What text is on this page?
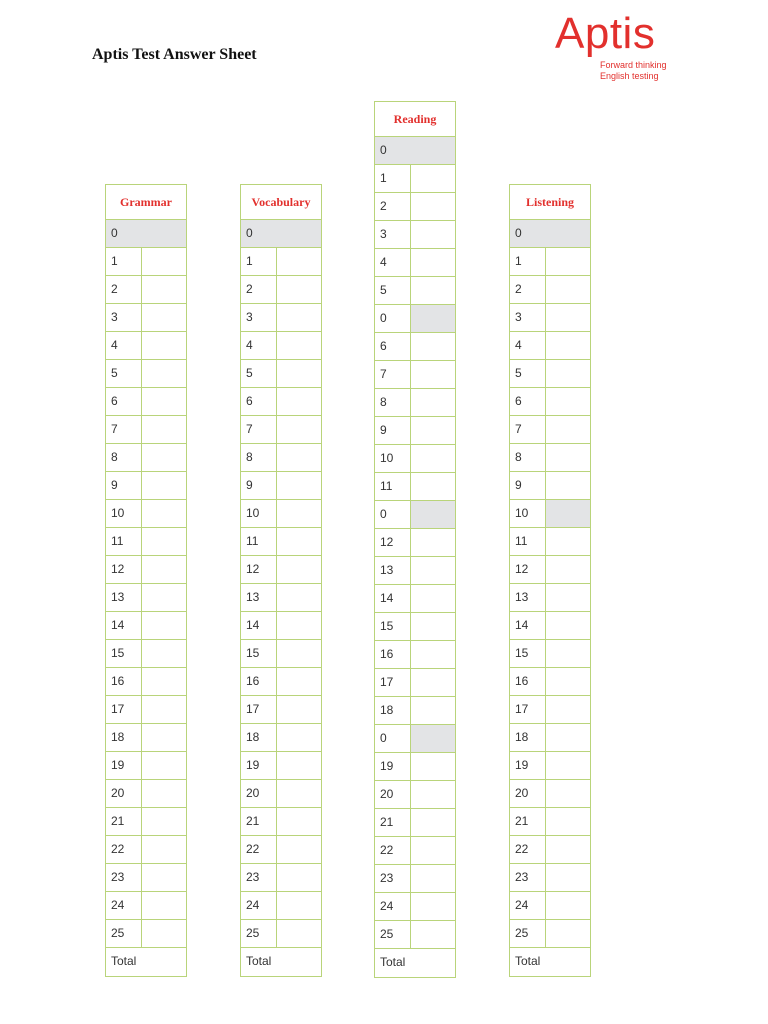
Aptis Test Answer Sheet	Aptis
Forward thinking
English testing
Grammar
0
1
2
3
4
5
6
7
8
9
10
11
12
13
14
15
16
17
18
19
20
21
22
23
24
25
Total
Vocabulary
0
1
2
3
4
5
6
7
8
9
10
11
12
13
14
15
16
17
18
19
20
21
22
23
24
25
Total
Reading
0
1
2
3
4
5
0
6
7
8
9
10
11
0
12
13
14
15
16
17
18
0
19
20
21
22
23
24
25
Total
Listening
0
1
2
3
4
5
6
7
8
9
10
11
12
13
14
15
16
17
18
19
20
21
22
23
24
25
Total
